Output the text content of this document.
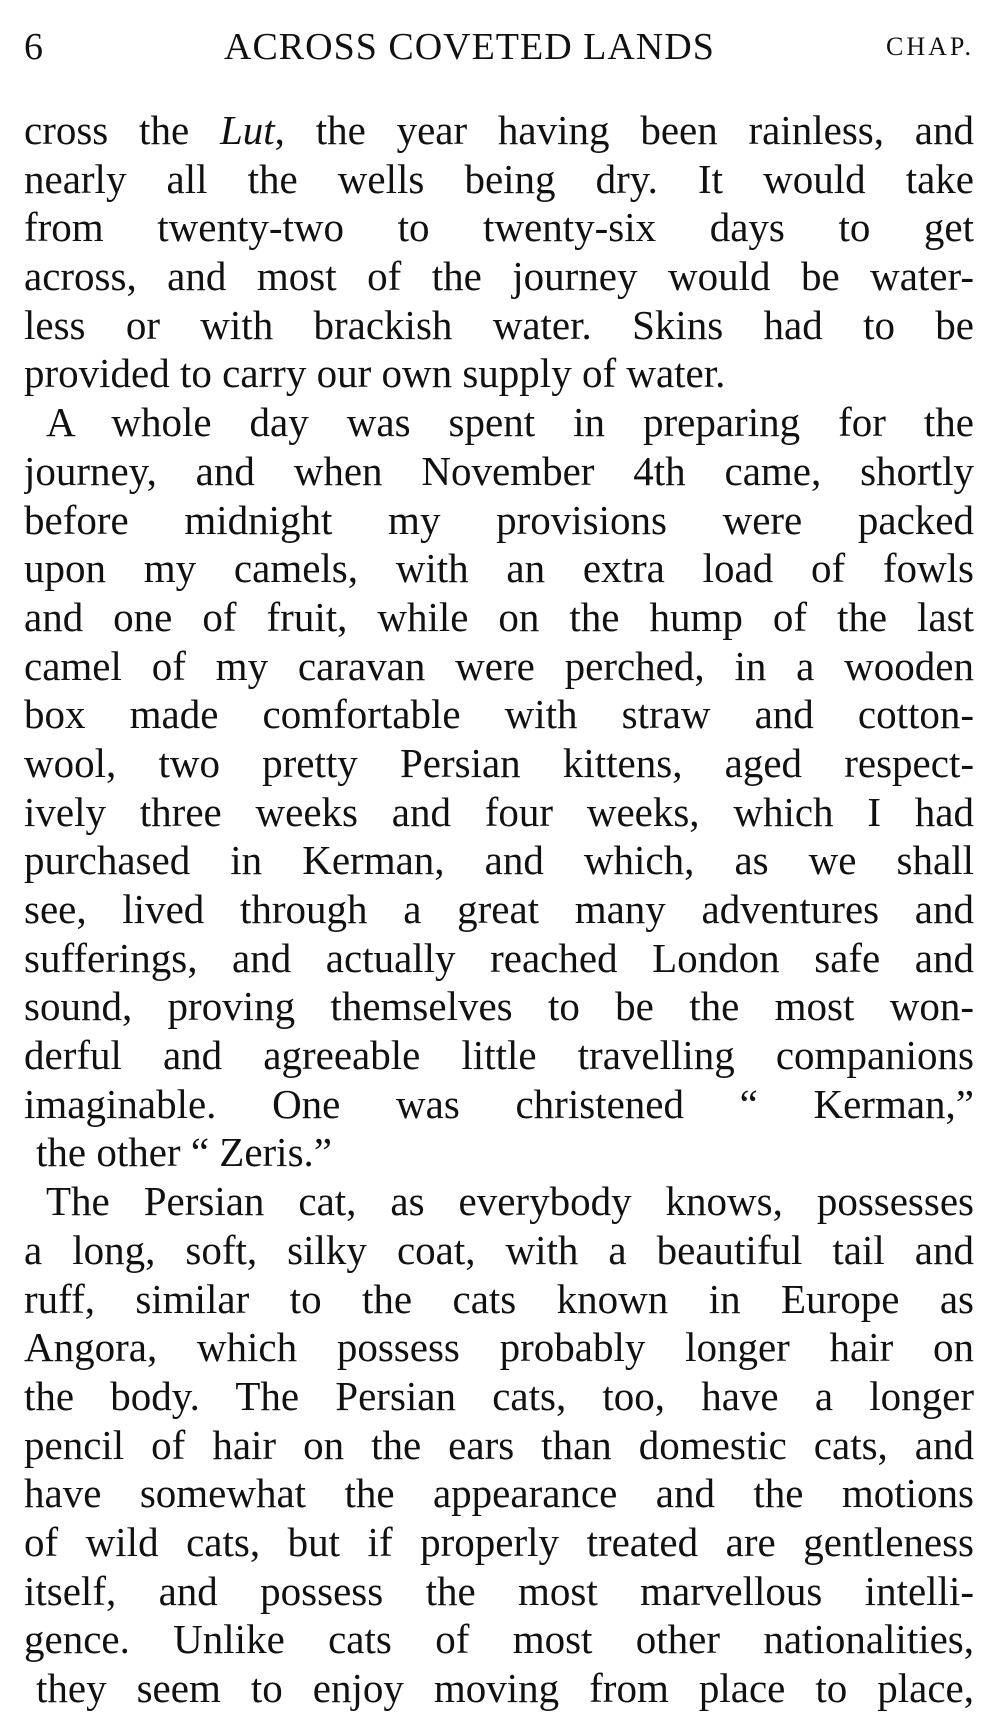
6	ACROSS COVETED LANDS	CHAP.
cross the Lut, the year having been rainless, and
nearly all the wells being dry. It would take
from twenty-two to twenty-six days to get
across, and most of the journey would be water-
less or with brackish water. Skins had to be
provided to carry our own supply of water.
A whole day was spent in preparing for the
journey, and when November 4th came, shortly
before midnight my provisions were packed
upon my camels, with an extra load of fowls
and one of fruit, while on the hump of the last
camel of my caravan were perched, in a wooden
box made comfortable with straw and cotton-
wool, two pretty Persian kittens, aged respect-
ively three weeks and four weeks, which I had
purchased in Kerman, and which, as we shall
see, lived through a great many adventures and
sufferings, and actually reached London safe and
sound, proving themselves to be the most won-
derful and agreeable little travelling companions
imaginable. One was christened “ Kerman,”
the other “ Zeris.”
The Persian cat, as everybody knows, possesses
a long, soft, silky coat, with a beautiful tail and
ruff, similar to the cats known in Europe as
Angora, which possess probably longer hair on
the body. The Persian cats, too, have a longer
pencil of hair on the ears than domestic cats, and
have somewhat the appearance and the motions
of wild cats, but if properly treated are gentleness
itself, and possess the most marvellous intelli-
gence. Unlike cats of most other nationalities,
they seem to enjoy moving from place to place,
